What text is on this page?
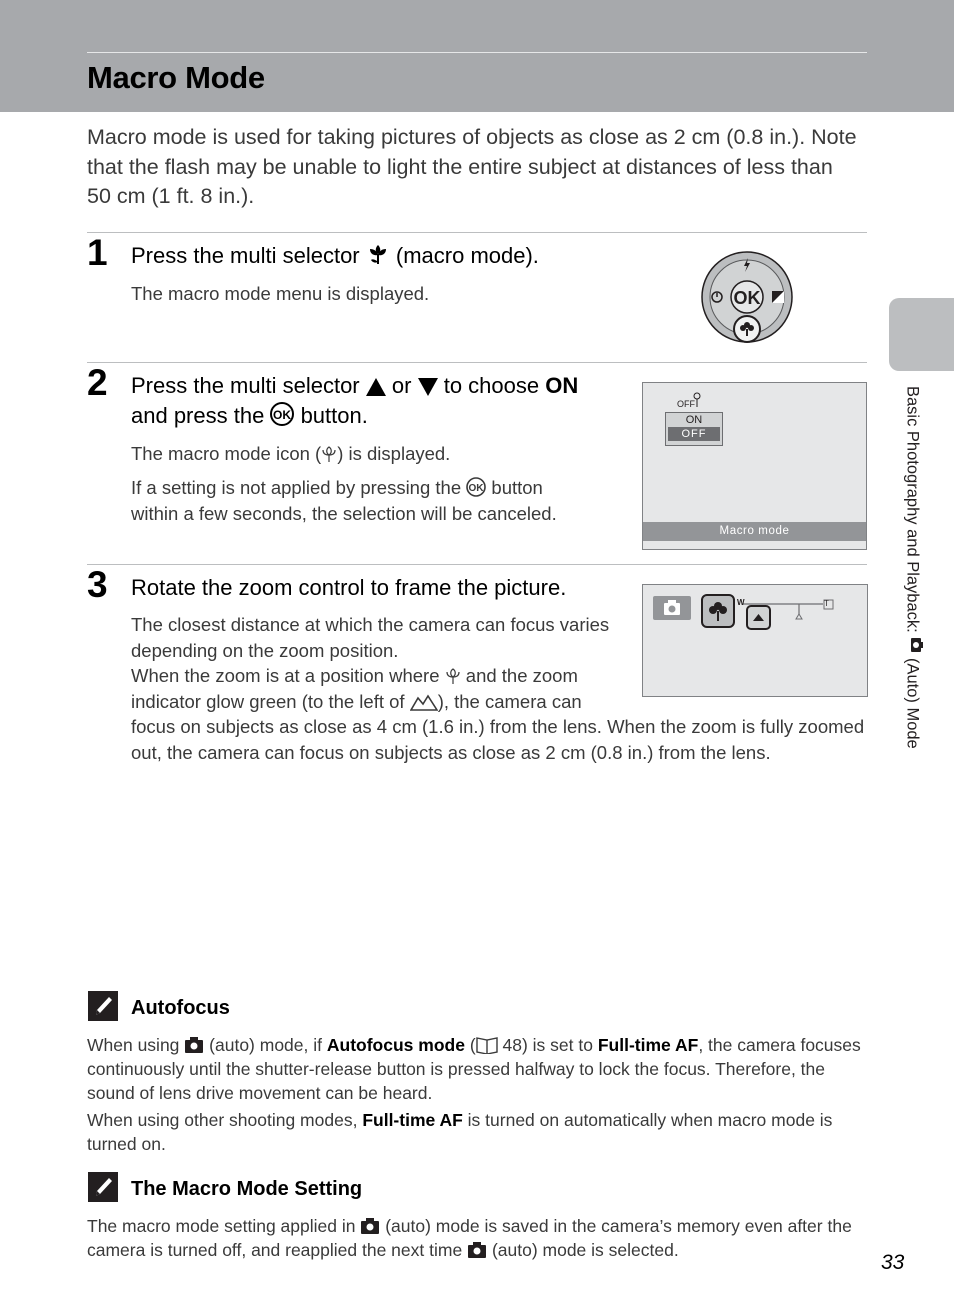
Macro Mode
Macro mode is used for taking pictures of objects as close as 2 cm (0.8 in.). Note that the flash may be unable to light the entire subject at distances of less than 50 cm (1 ft. 8 in.).
Basic Photography and Playback:  (Auto) Mode
1 Press the multi selector (macro mode).
The macro mode menu is displayed.	OK
2 Press the multi selector or to choose ON and press the OK button.
The macro mode icon ( ) is displayed.
If a setting is not applied by pressing the OK button within a few seconds, the selection will be canceled.
OFF
ON
OFF
Macro mode
3 Rotate the zoom control to frame the picture.
The closest distance at which the camera can focus varies depending on the zoom position.
When the zoom is at a position where and the zoom indicator glow green (to the left of ), the camera can
focus on subjects as close as 4 cm (1.6 in.) from the lens. When the zoom is fully zoomed out, the camera can focus on subjects as close as 2 cm (0.8 in.) from the lens.
W	T
Autofocus
When using (auto) mode, if Autofocus mode ( 48) is set to Full-time AF, the camera focuses continuously until the shutter-release button is pressed halfway to lock the focus. Therefore, the sound of lens drive movement can be heard.
When using other shooting modes, Full-time AF is turned on automatically when macro mode is turned on.
The Macro Mode Setting
The macro mode setting applied in (auto) mode is saved in the camera’s memory even after the camera is turned off, and reapplied the next time (auto) mode is selected.
33
